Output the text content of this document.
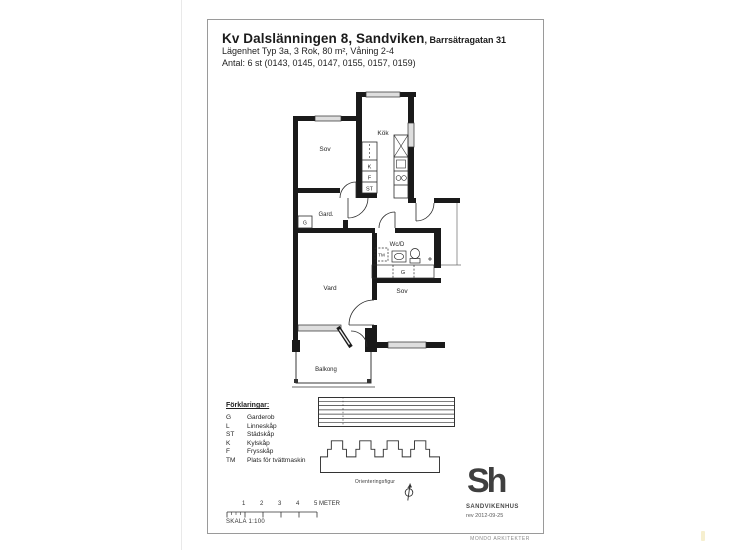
Kv Dalslänningen 8, Sandviken, Barrsätragatan 31
Lägenhet Typ 3a, 3 Rok, 80 m², Våning 2-4
Antal: 6 st (0143, 0145, 0147, 0155, 0157, 0159)
K
F
ST
G
TM
G
Sov
Kök
Gard.
Vard
Wc/D
Sov
Balkong
Förklaringar:
G	Garderob
L	Linneskåp
ST	Städskåp
K	Kylskåp
F	Frysskåp
TM	Plats för tvättmaskin
Orienteringsfigur
1 2 3 4 5 METER
SKALA 1:100
Sh
SANDVIKENHUS
rev 2012-09-25
MONDO ARKITEKTER
